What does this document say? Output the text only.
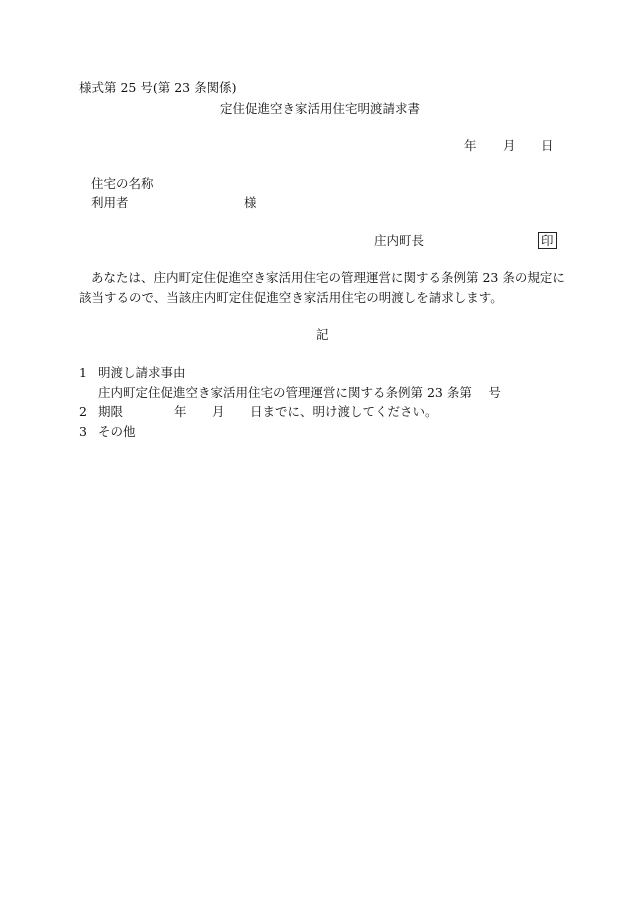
様式第 25 号(第 23 条関係)
定住促進空き家活用住宅明渡請求書
年 月 日
住宅の名称
利用者	様
庄内町長	印
あなたは、庄内町定住促進空き家活用住宅の管理運営に関する条例第 23 条の規定に
該当するので、当該庄内町定住促進空き家活用住宅の明渡しを請求します。
記
1 明渡し請求事由
庄内町定住促進空き家活用住宅の管理運営に関する条例第 23 条第　 号
2 期限	年 月 日までに、明け渡してください。
3 その他
